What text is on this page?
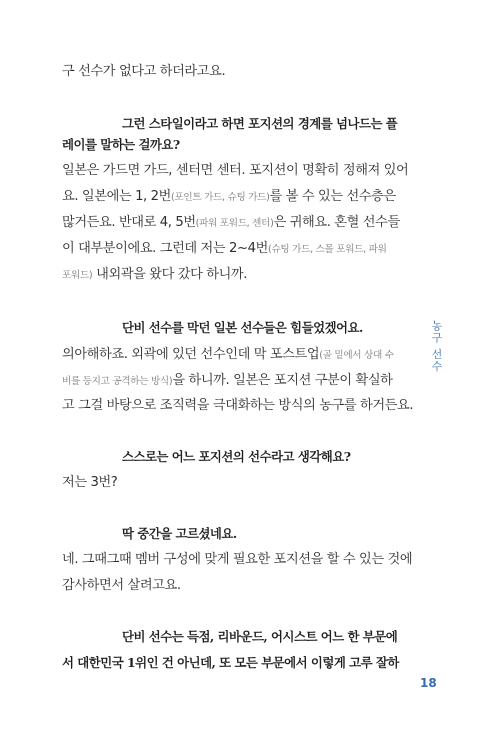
구 선수가 없다고 하더라고요.
그런 스타일이라고 하면 포지션의 경계를 넘나드는 플
레이를 말하는 걸까요?
일본은 가드면 가드, 센터면 센터. 포지션이 명확히 정해져 있어
요. 일본에는 1, 2번(포인트 가드, 슈팅 가드)를 볼 수 있는 선수층은
많거든요. 반대로 4, 5번(파워 포워드, 센터)은 귀해요. 혼혈 선수들
이 대부분이에요. 그런데 저는 2~4번(슈팅 가드, 스몰 포워드, 파워
포워드) 내외곽을 왔다 갔다 하니까.
단비 선수를 막던 일본 선수들은 힘들었겠어요.
의아해하죠. 외곽에 있던 선수인데 막 포스트업(골 밑에서 상대 수
비를 등지고 공격하는 방식)을 하니까. 일본은 포지션 구분이 확실하
고 그걸 바탕으로 조직력을 극대화하는 방식의 농구를 하거든요.
스스로는 어느 포지션의 선수라고 생각해요?
저는 3번?
딱 중간을 고르셨네요.
네. 그때그때 멤버 구성에 맞게 필요한 포지션을 할 수 있는 것에
감사하면서 살려고요.
단비 선수는 득점, 리바운드, 어시스트 어느 한 부문에
서 대한민국 1위인 건 아닌데, 또 모든 부문에서 이렇게 고루 잘하
농구 선수
18
